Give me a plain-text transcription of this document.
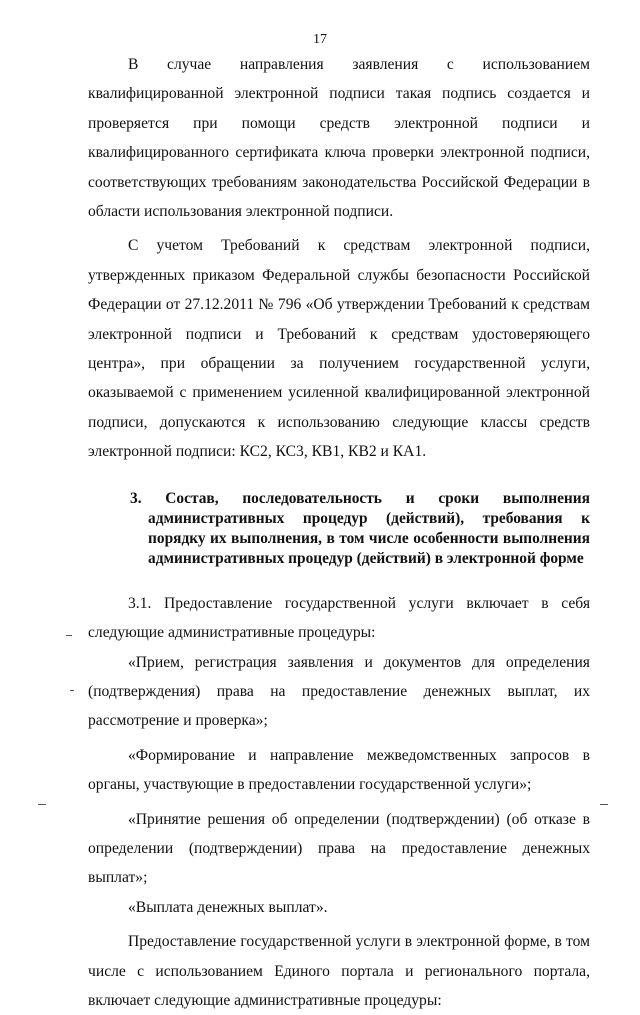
17

В случае направления заявления с использованием квалифицированной электронной подписи такая подпись создается и проверяется при помощи средств электронной подписи и квалифицированного сертификата ключа проверки электронной подписи, соответствующих требованиям законодательства Российской Федерации в области использования электронной подписи.

С учетом Требований к средствам электронной подписи, утвержденных приказом Федеральной службы безопасности Российской Федерации от 27.12.2011 № 796 «Об утверждении Требований к средствам электронной подписи и Требований к средствам удостоверяющего центра», при обращении за получением государственной услуги, оказываемой с применением усиленной квалифицированной электронной подписи, допускаются к использованию следующие классы средств электронной подписи: КС2, КС3, КВ1, КВ2 и КА1.

3. Состав, последовательность и сроки выполнения административных процедур (действий), требования к порядку их выполнения, в том числе особенности выполнения административных процедур (действий) в электронной форме

3.1. Предоставление государственной услуги включает в себя следующие административные процедуры:

«Прием, регистрация заявления и документов для определения (подтверждения) права на предоставление денежных выплат, их рассмотрение и проверка»;

«Формирование и направление межведомственных запросов в органы, участвующие в предоставлении государственной услуги»;

«Принятие решения об определении (подтверждении) (об отказе в определении (подтверждении) права на предоставление денежных выплат»;

«Выплата денежных выплат».

Предоставление государственной услуги в электронной форме, в том числе с использованием Единого портала и регионального портала, включает следующие административные процедуры:
